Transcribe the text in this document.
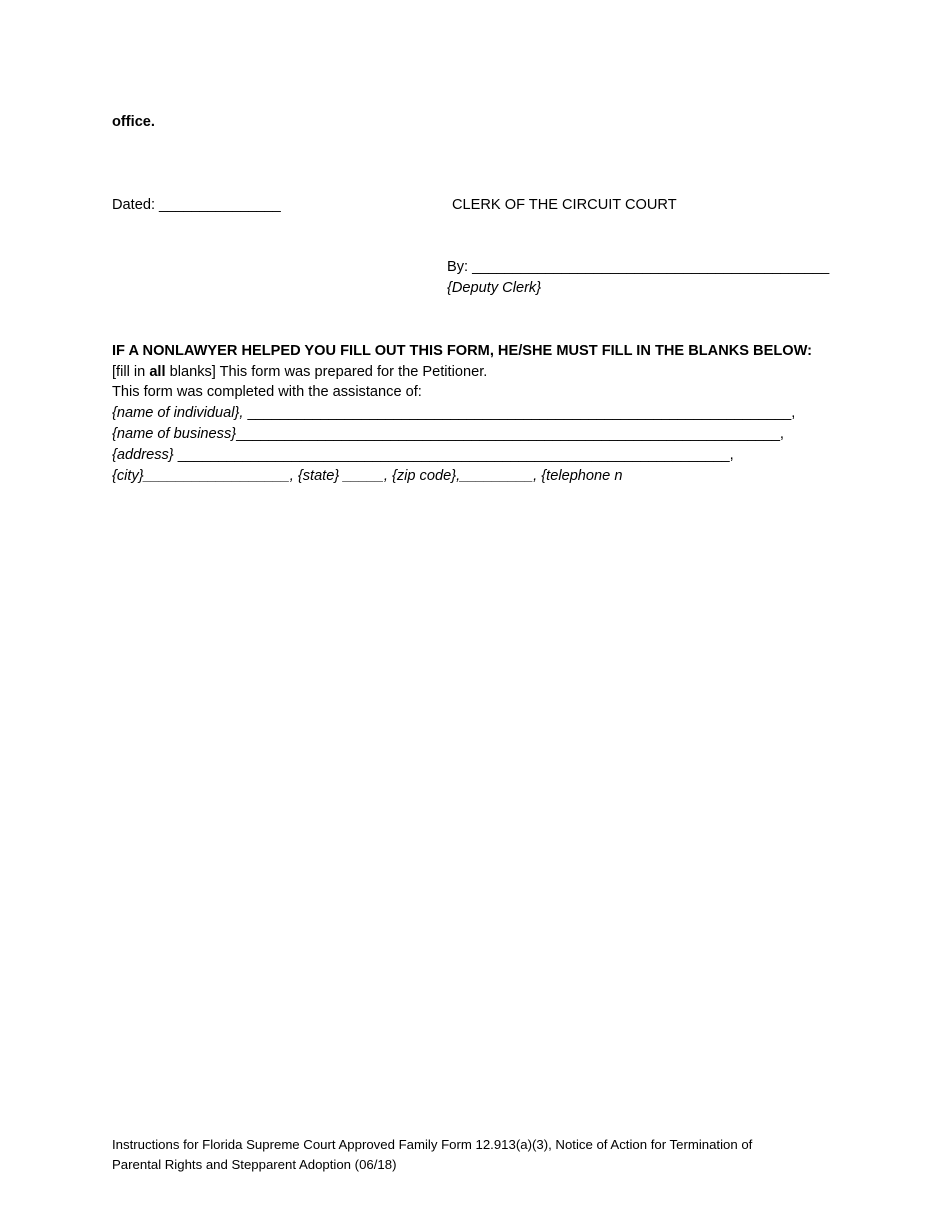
office.
Dated: _______________	CLERK OF THE CIRCUIT COURT
By: ____________________________________________
{Deputy Clerk}
IF A NONLAWYER HELPED YOU FILL OUT THIS FORM, HE/SHE MUST FILL IN THE BLANKS BELOW:
[fill in all blanks] This form was prepared for the Petitioner.
This form was completed with the assistance of:
{name of individual}, ___________________________________________________________________,
{name of business}___________________________________________________________________,
{address} ____________________________________________________________________,
{city}__________________, {state} _____, {zip code},_________, {telephone n
Instructions for Florida Supreme Court Approved Family Form 12.913(a)(3), Notice of Action for Termination of
Parental Rights and Stepparent Adoption (06/18)
